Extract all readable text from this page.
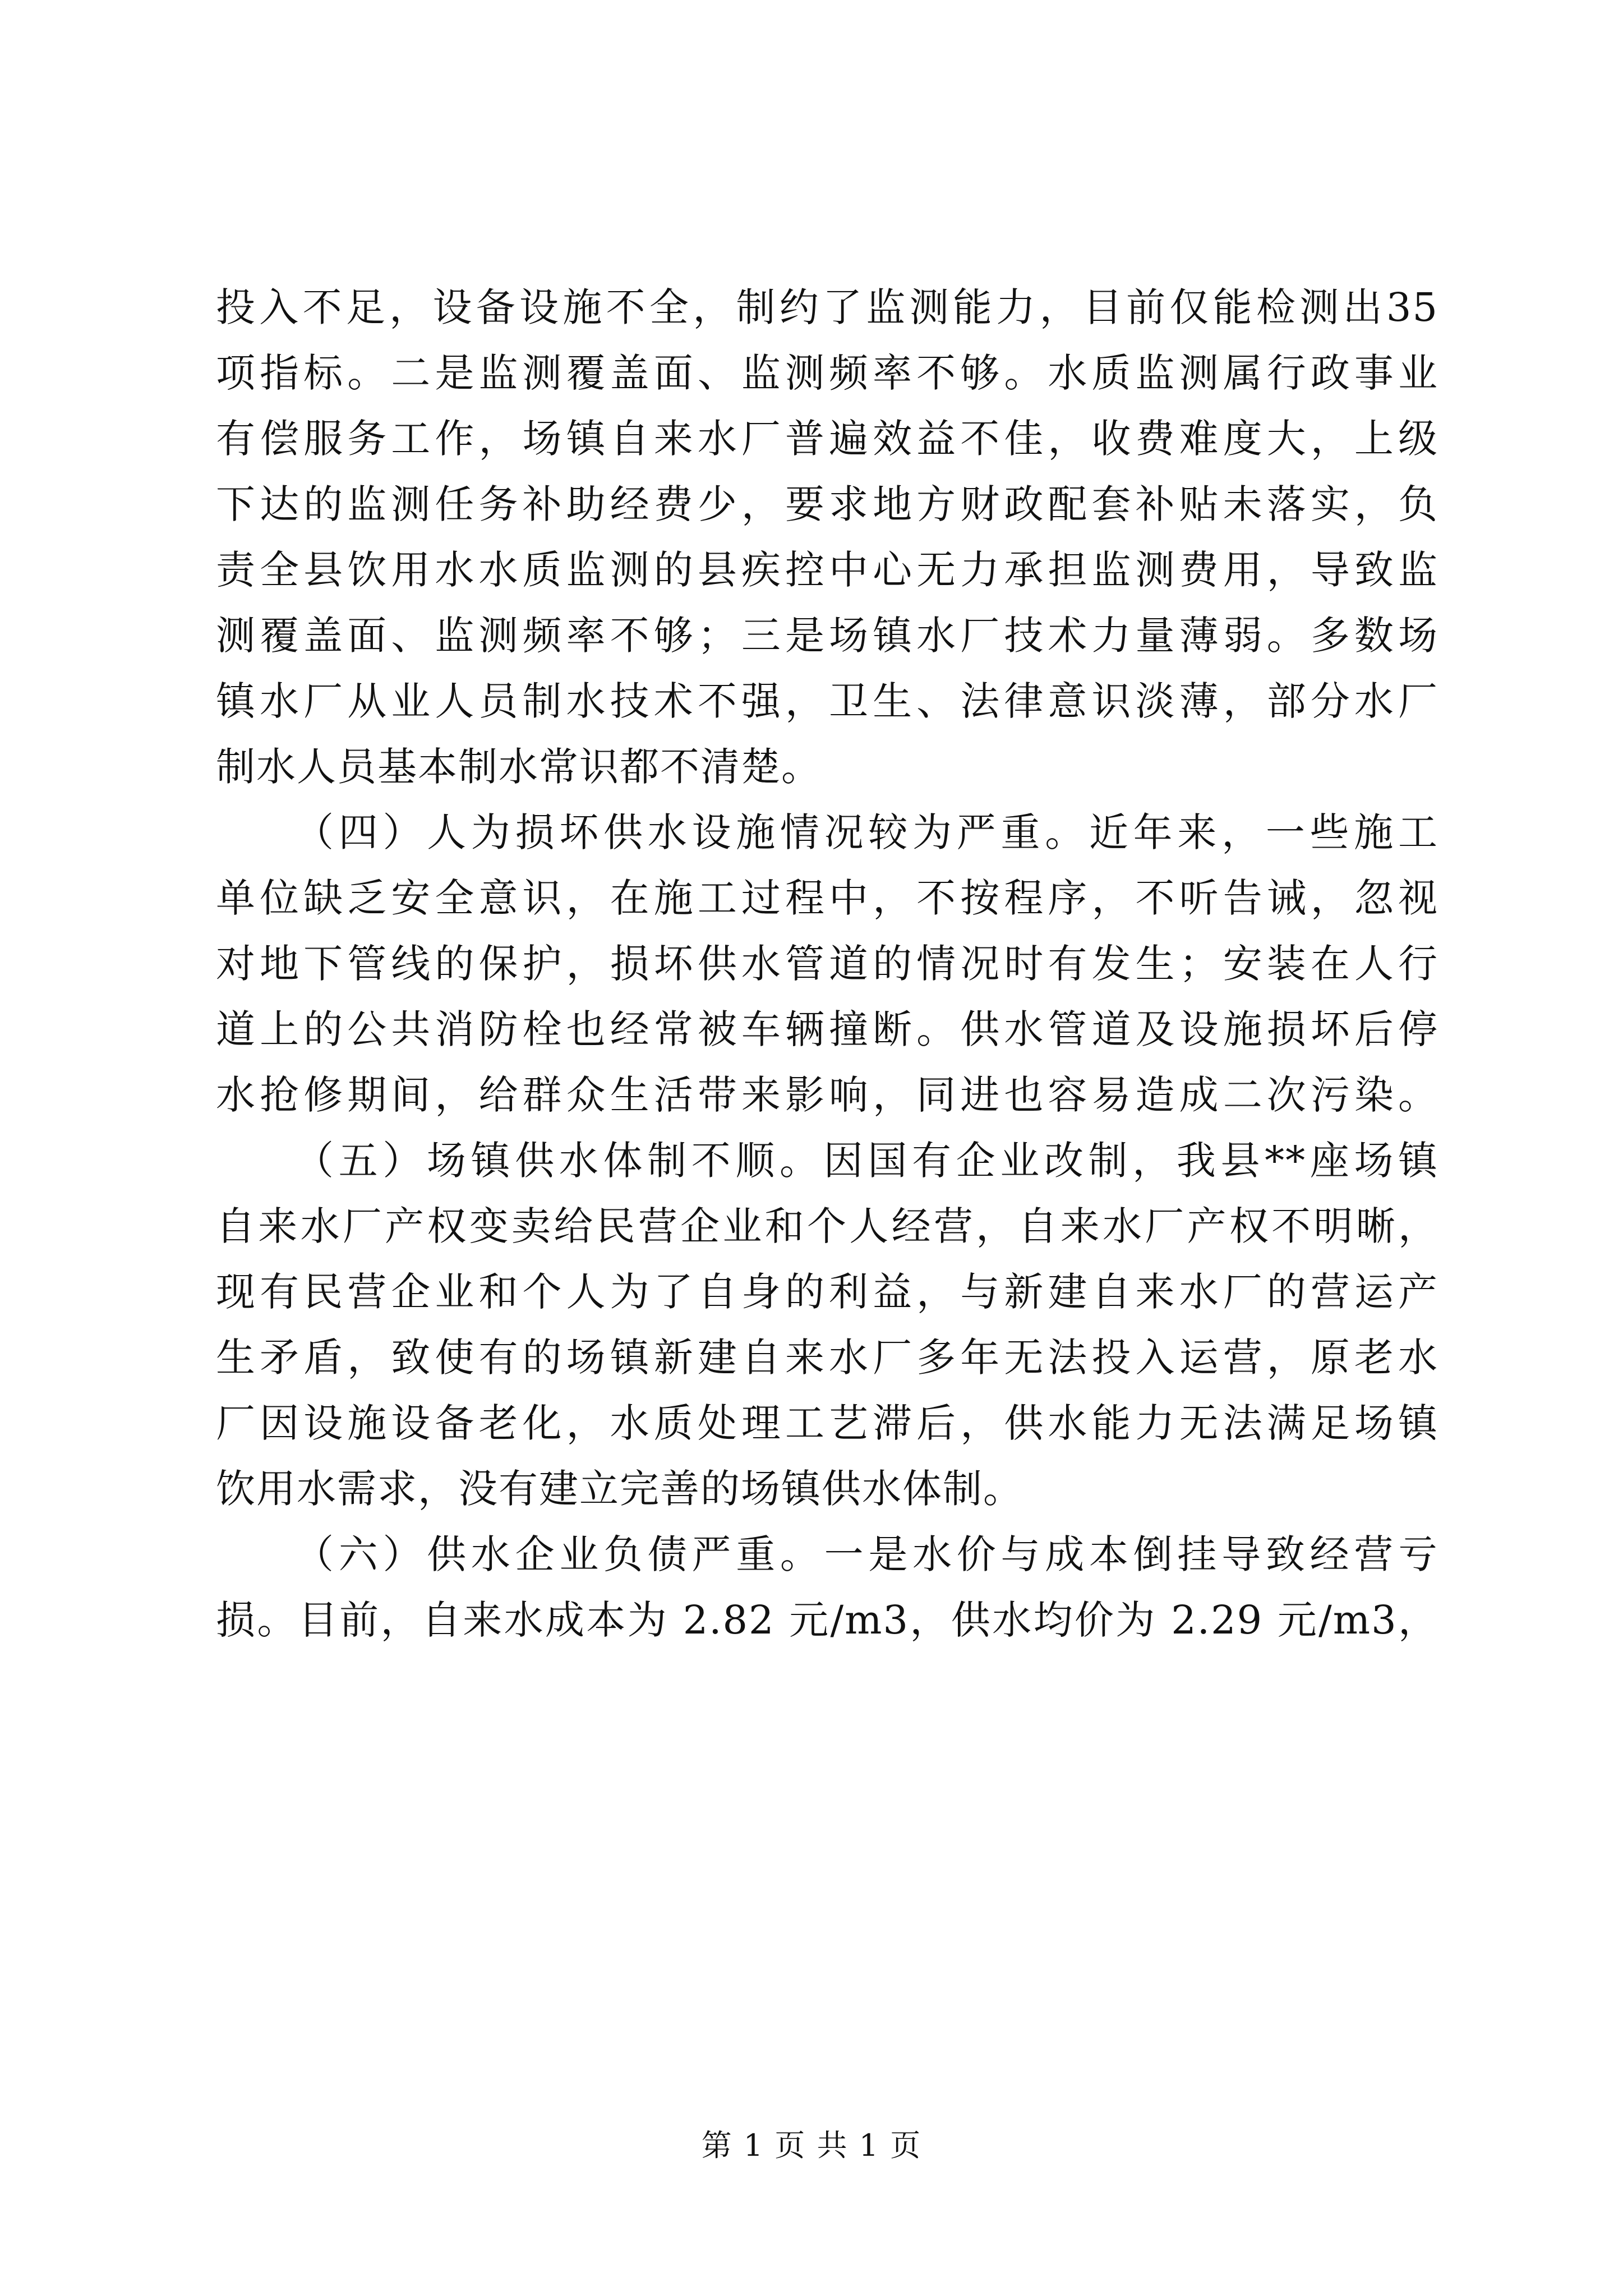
投入不足，设备设施不全，制约了监测能力，目前仅能检测出35

项指标。二是监测覆盖面、监测频率不够。水质监测属行政事业

有偿服务工作，场镇自来水厂普遍效益不佳，收费难度大，上级

下达的监测任务补助经费少，要求地方财政配套补贴未落实，负

责全县饮用水水质监测的县疾控中心无力承担监测费用，导致监

测覆盖面、监测频率不够；三是场镇水厂技术力量薄弱。多数场

镇水厂从业人员制水技术不强，卫生、法律意识淡薄，部分水厂

制水人员基本制水常识都不清楚。

（四）人为损坏供水设施情况较为严重。近年来，一些施工

单位缺乏安全意识，在施工过程中，不按程序，不听告诫，忽视

对地下管线的保护，损坏供水管道的情况时有发生；安装在人行

道上的公共消防栓也经常被车辆撞断。供水管道及设施损坏后停

水抢修期间，给群众生活带来影响，同进也容易造成二次污染。

（五）场镇供水体制不顺。因国有企业改制，我县**座场镇

自来水厂产权变卖给民营企业和个人经营，自来水厂产权不明晰，

现有民营企业和个人为了自身的利益，与新建自来水厂的营运产

生矛盾，致使有的场镇新建自来水厂多年无法投入运营，原老水

厂因设施设备老化，水质处理工艺滞后，供水能力无法满足场镇

饮用水需求，没有建立完善的场镇供水体制。

（六）供水企业负债严重。一是水价与成本倒挂导致经营亏

损。目前，自来水成本为 2.82 元/m3，供水均价为 2.29 元/m3，

第 1 页 共 1 页
